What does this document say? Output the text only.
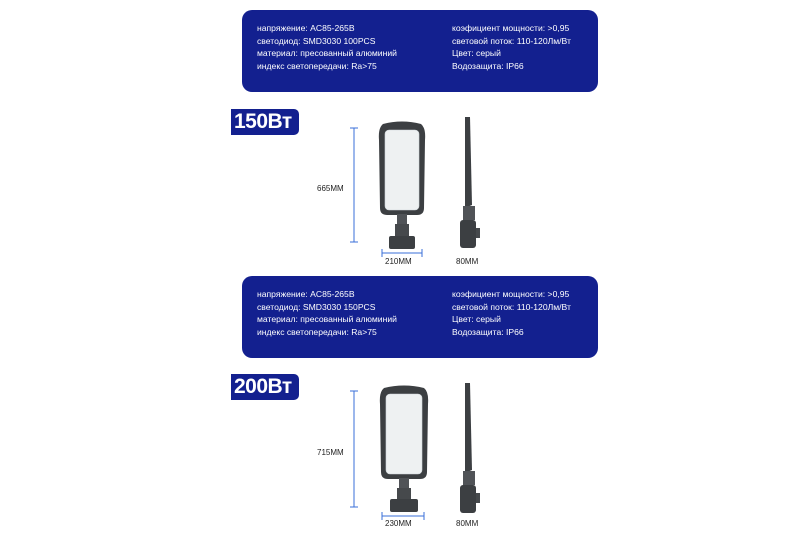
напряжение: AC85-265В
светодиод: SMD3030 100PCS
материал: пресованный алюминий
индекс светопередачи: Ra>75
коэфициент мощности: >0,95
световой поток: 110-120Лм/Вт
Цвет: серый
Водозащита: IP66
150Вт
665MM
210MM	80MM
напряжение: AC85-265В
светодиод: SMD3030 150PCS
материал: пресованный алюминий
индекс светопередачи: Ra>75
коэфициент мощности: >0,95
световой поток: 110-120Лм/Вт
Цвет: серый
Водозащита: IP66
200Вт
715MM
230MM	80MM
